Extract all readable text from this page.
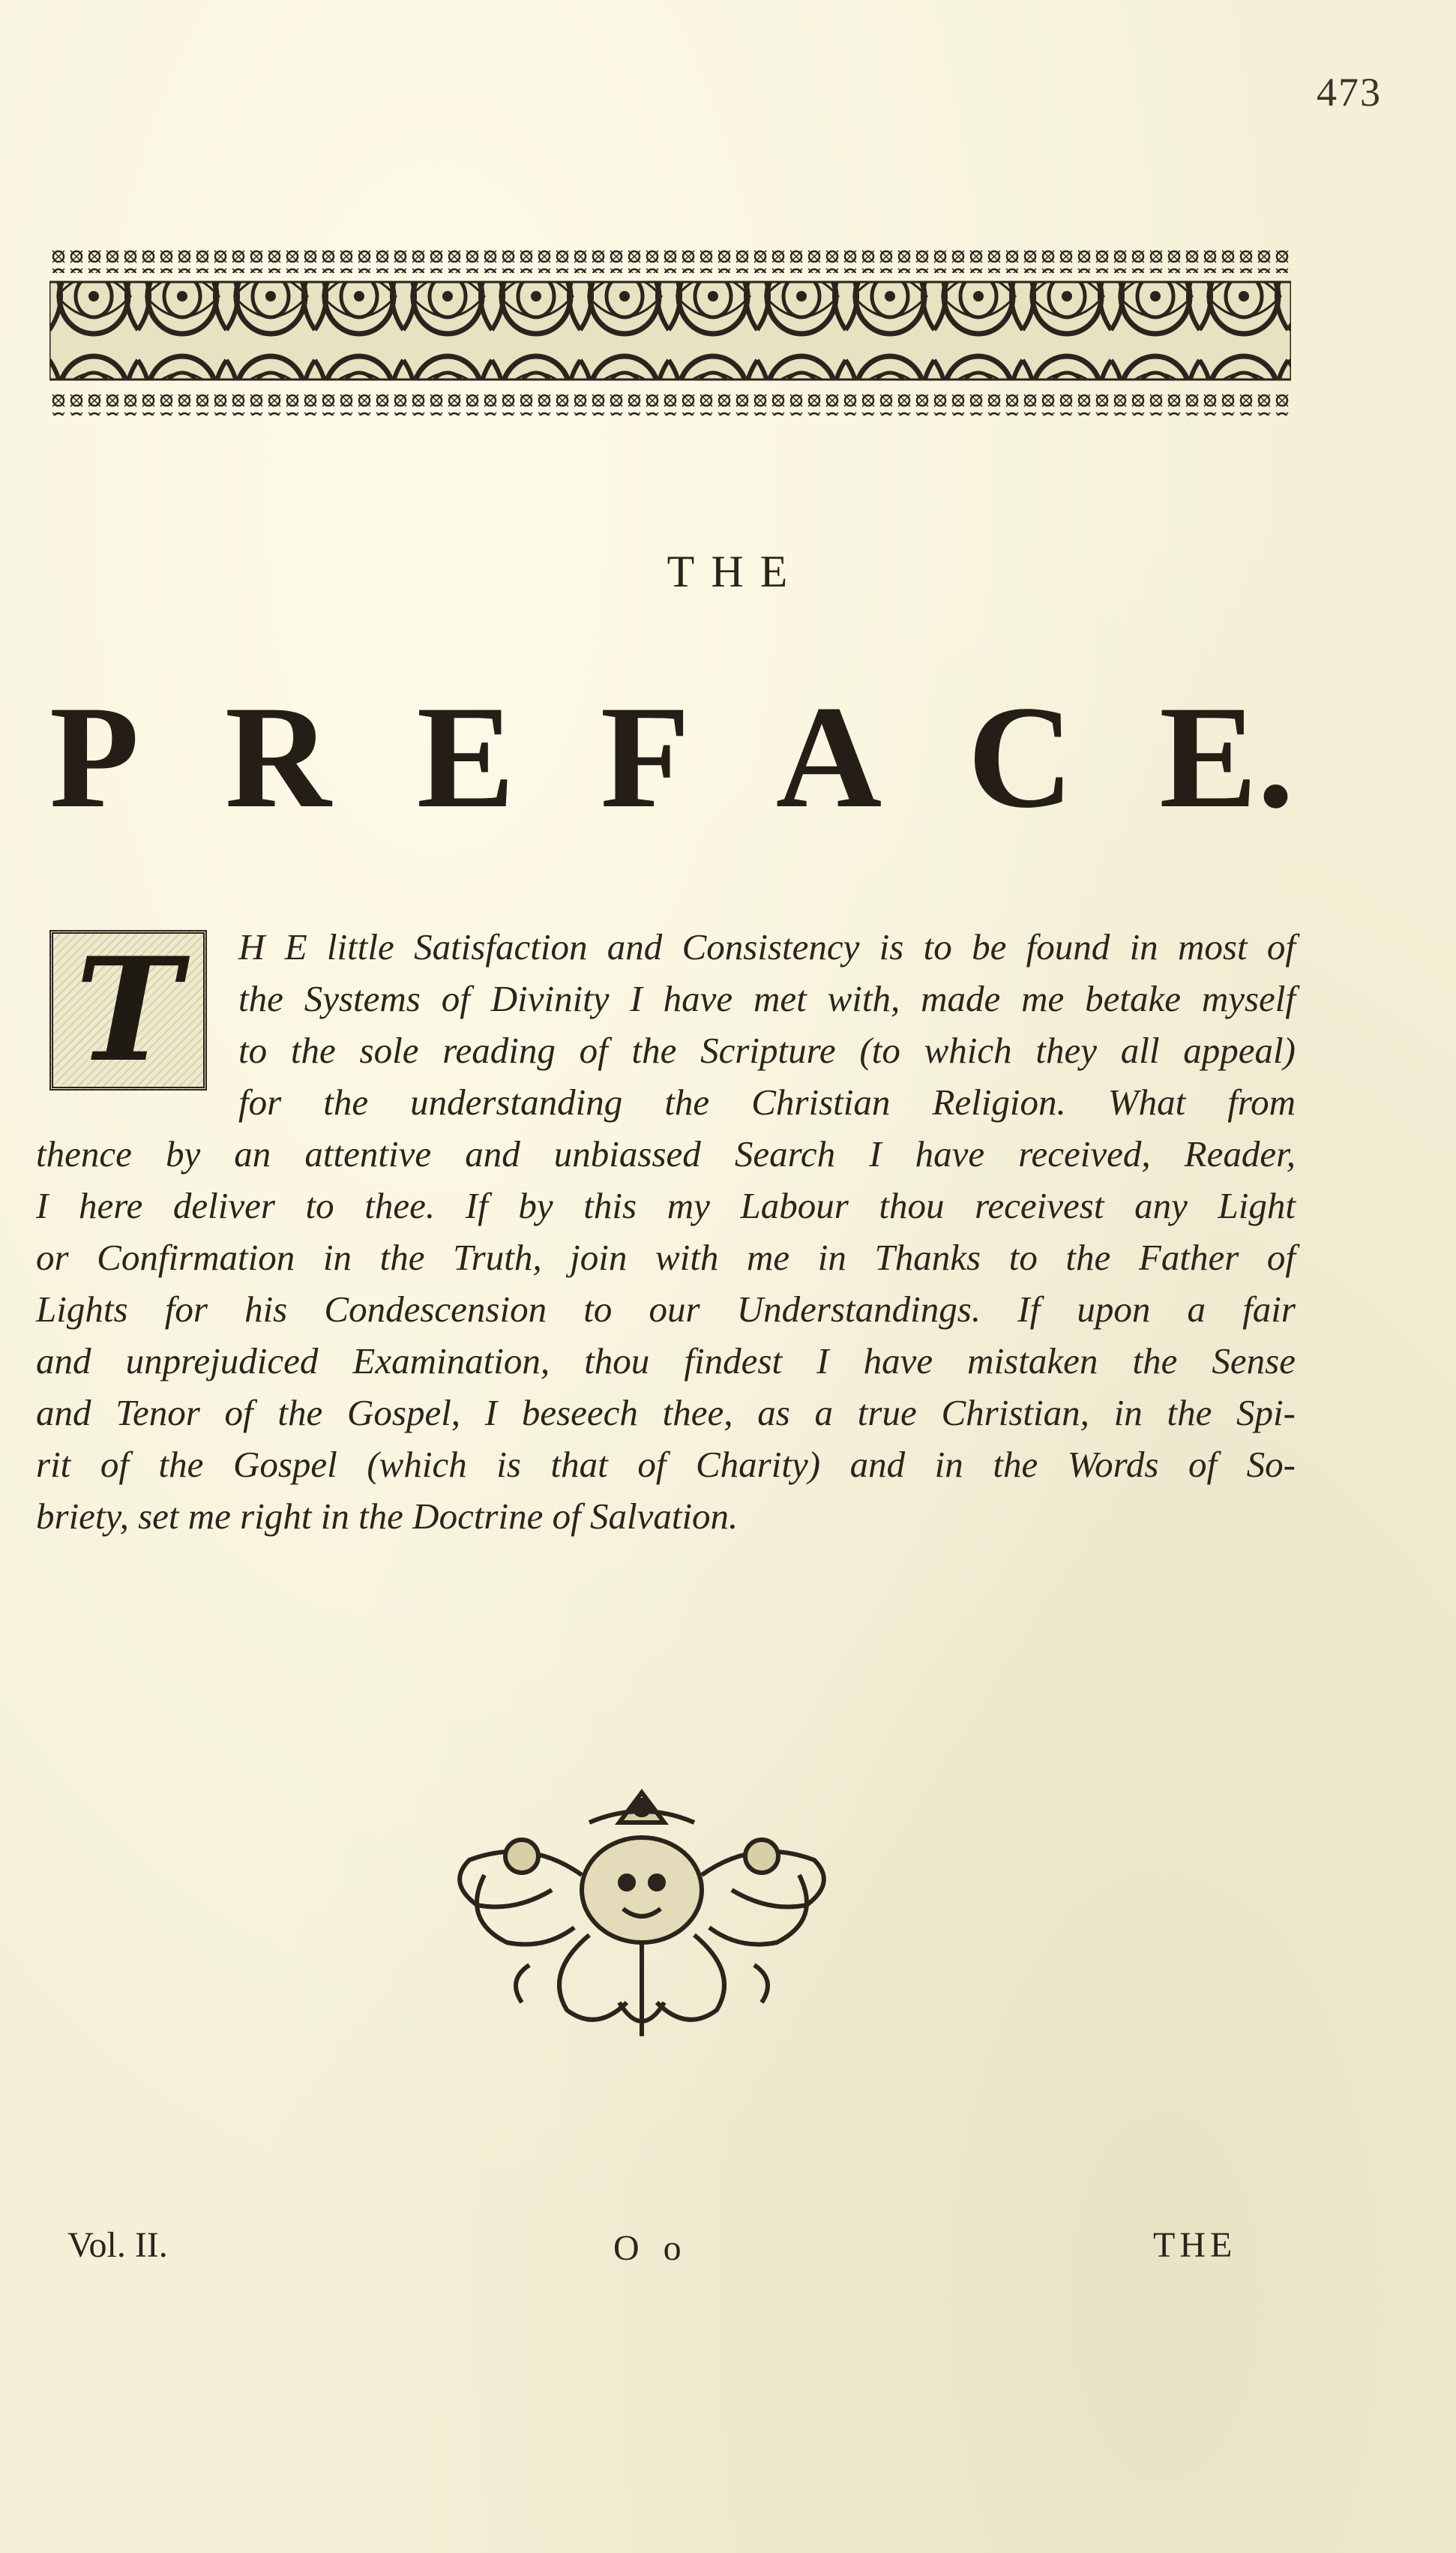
473
THE
P R E F A C E.
T	H E little Satisfaction and Consistency is to be found in most of
the Systems of Divinity I have met with, made me betake myself
to the sole reading of the Scripture (to which they all appeal)
for the understanding the Christian Religion. What from
thence by an attentive and unbiassed Search I have received, Reader,
I here deliver to thee. If by this my Labour thou receivest any Light
or Confirmation in the Truth, join with me in Thanks to the Father of
Lights for his Condescension to our Understandings. If upon a fair
and unprejudiced Examination, thou findest I have mistaken the Sense
and Tenor of the Gospel, I beseech thee, as a true Christian, in the Spi-
rit of the Gospel (which is that of Charity) and in the Words of So-
briety, set me right in the Doctrine of Salvation.
Vol. II.	O o	THE
